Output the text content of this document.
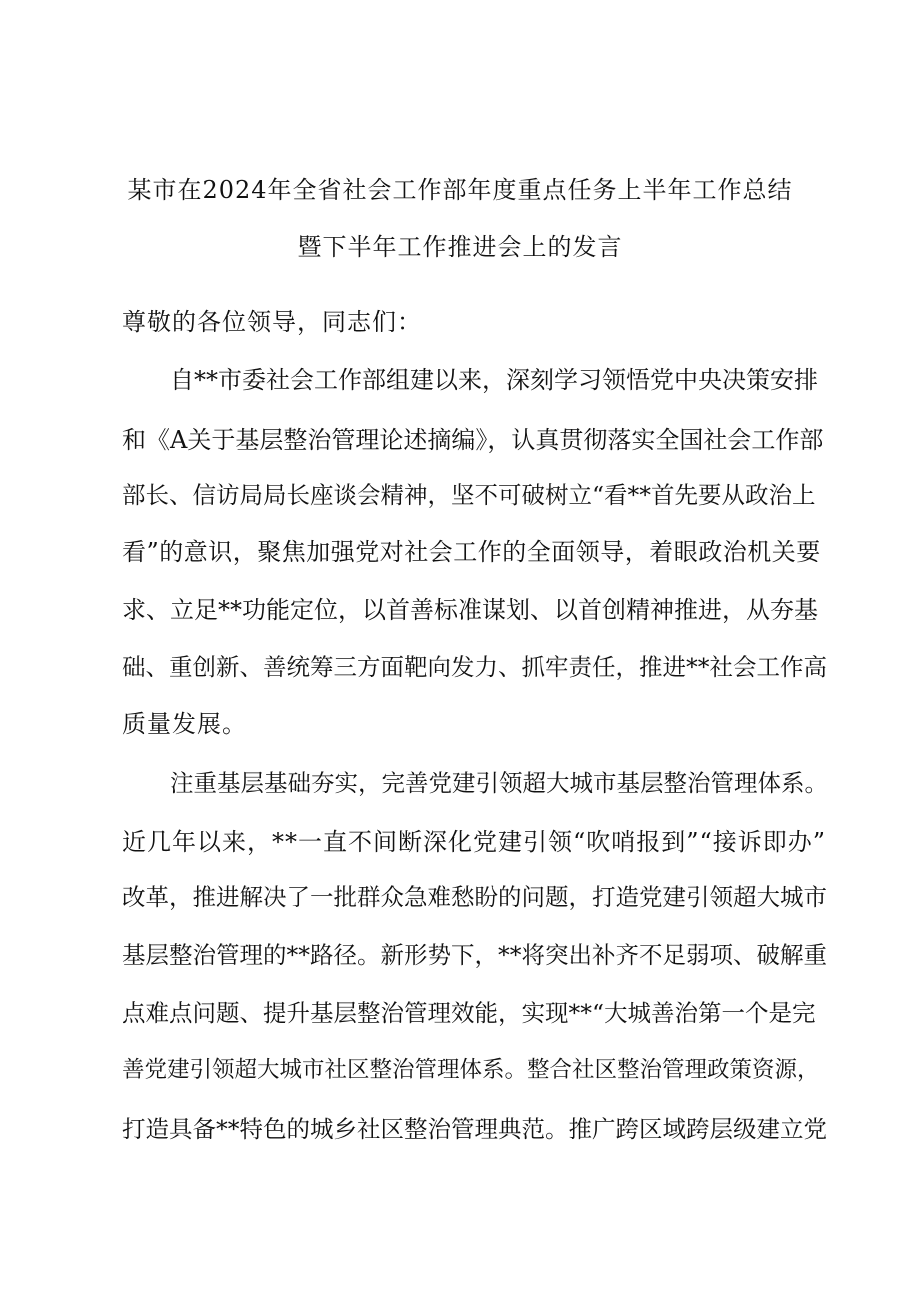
某市在2024年全省社会工作部年度重点任务上半年工作总结
暨下半年工作推进会上的发言
尊敬的各位领导，同志们：
自**市委社会工作部组建以来，深刻学习领悟党中央决策安排
和《A关于基层整治管理论述摘编》，认真贯彻落实全国社会工作部
部长、信访局局长座谈会精神，坚不可破树立“看**首先要从政治上
看”的意识，聚焦加强党对社会工作的全面领导，着眼政治机关要
求、立足**功能定位，以首善标准谋划、以首创精神推进，从夯基
础、重创新、善统筹三方面靶向发力、抓牢责任，推进**社会工作高
质量发展。
注重基层基础夯实，完善党建引领超大城市基层整治管理体系。
近几年以来，**一直不间断深化党建引领“吹哨报到”“接诉即办”
改革，推进解决了一批群众急难愁盼的问题，打造党建引领超大城市
基层整治管理的**路径。新形势下，**将突出补齐不足弱项、破解重
点难点问题、提升基层整治管理效能，实现**“大城善治第一个是完
善党建引领超大城市社区整治管理体系。整合社区整治管理政策资源，
打造具备**特色的城乡社区整治管理典范。推广跨区域跨层级建立党
